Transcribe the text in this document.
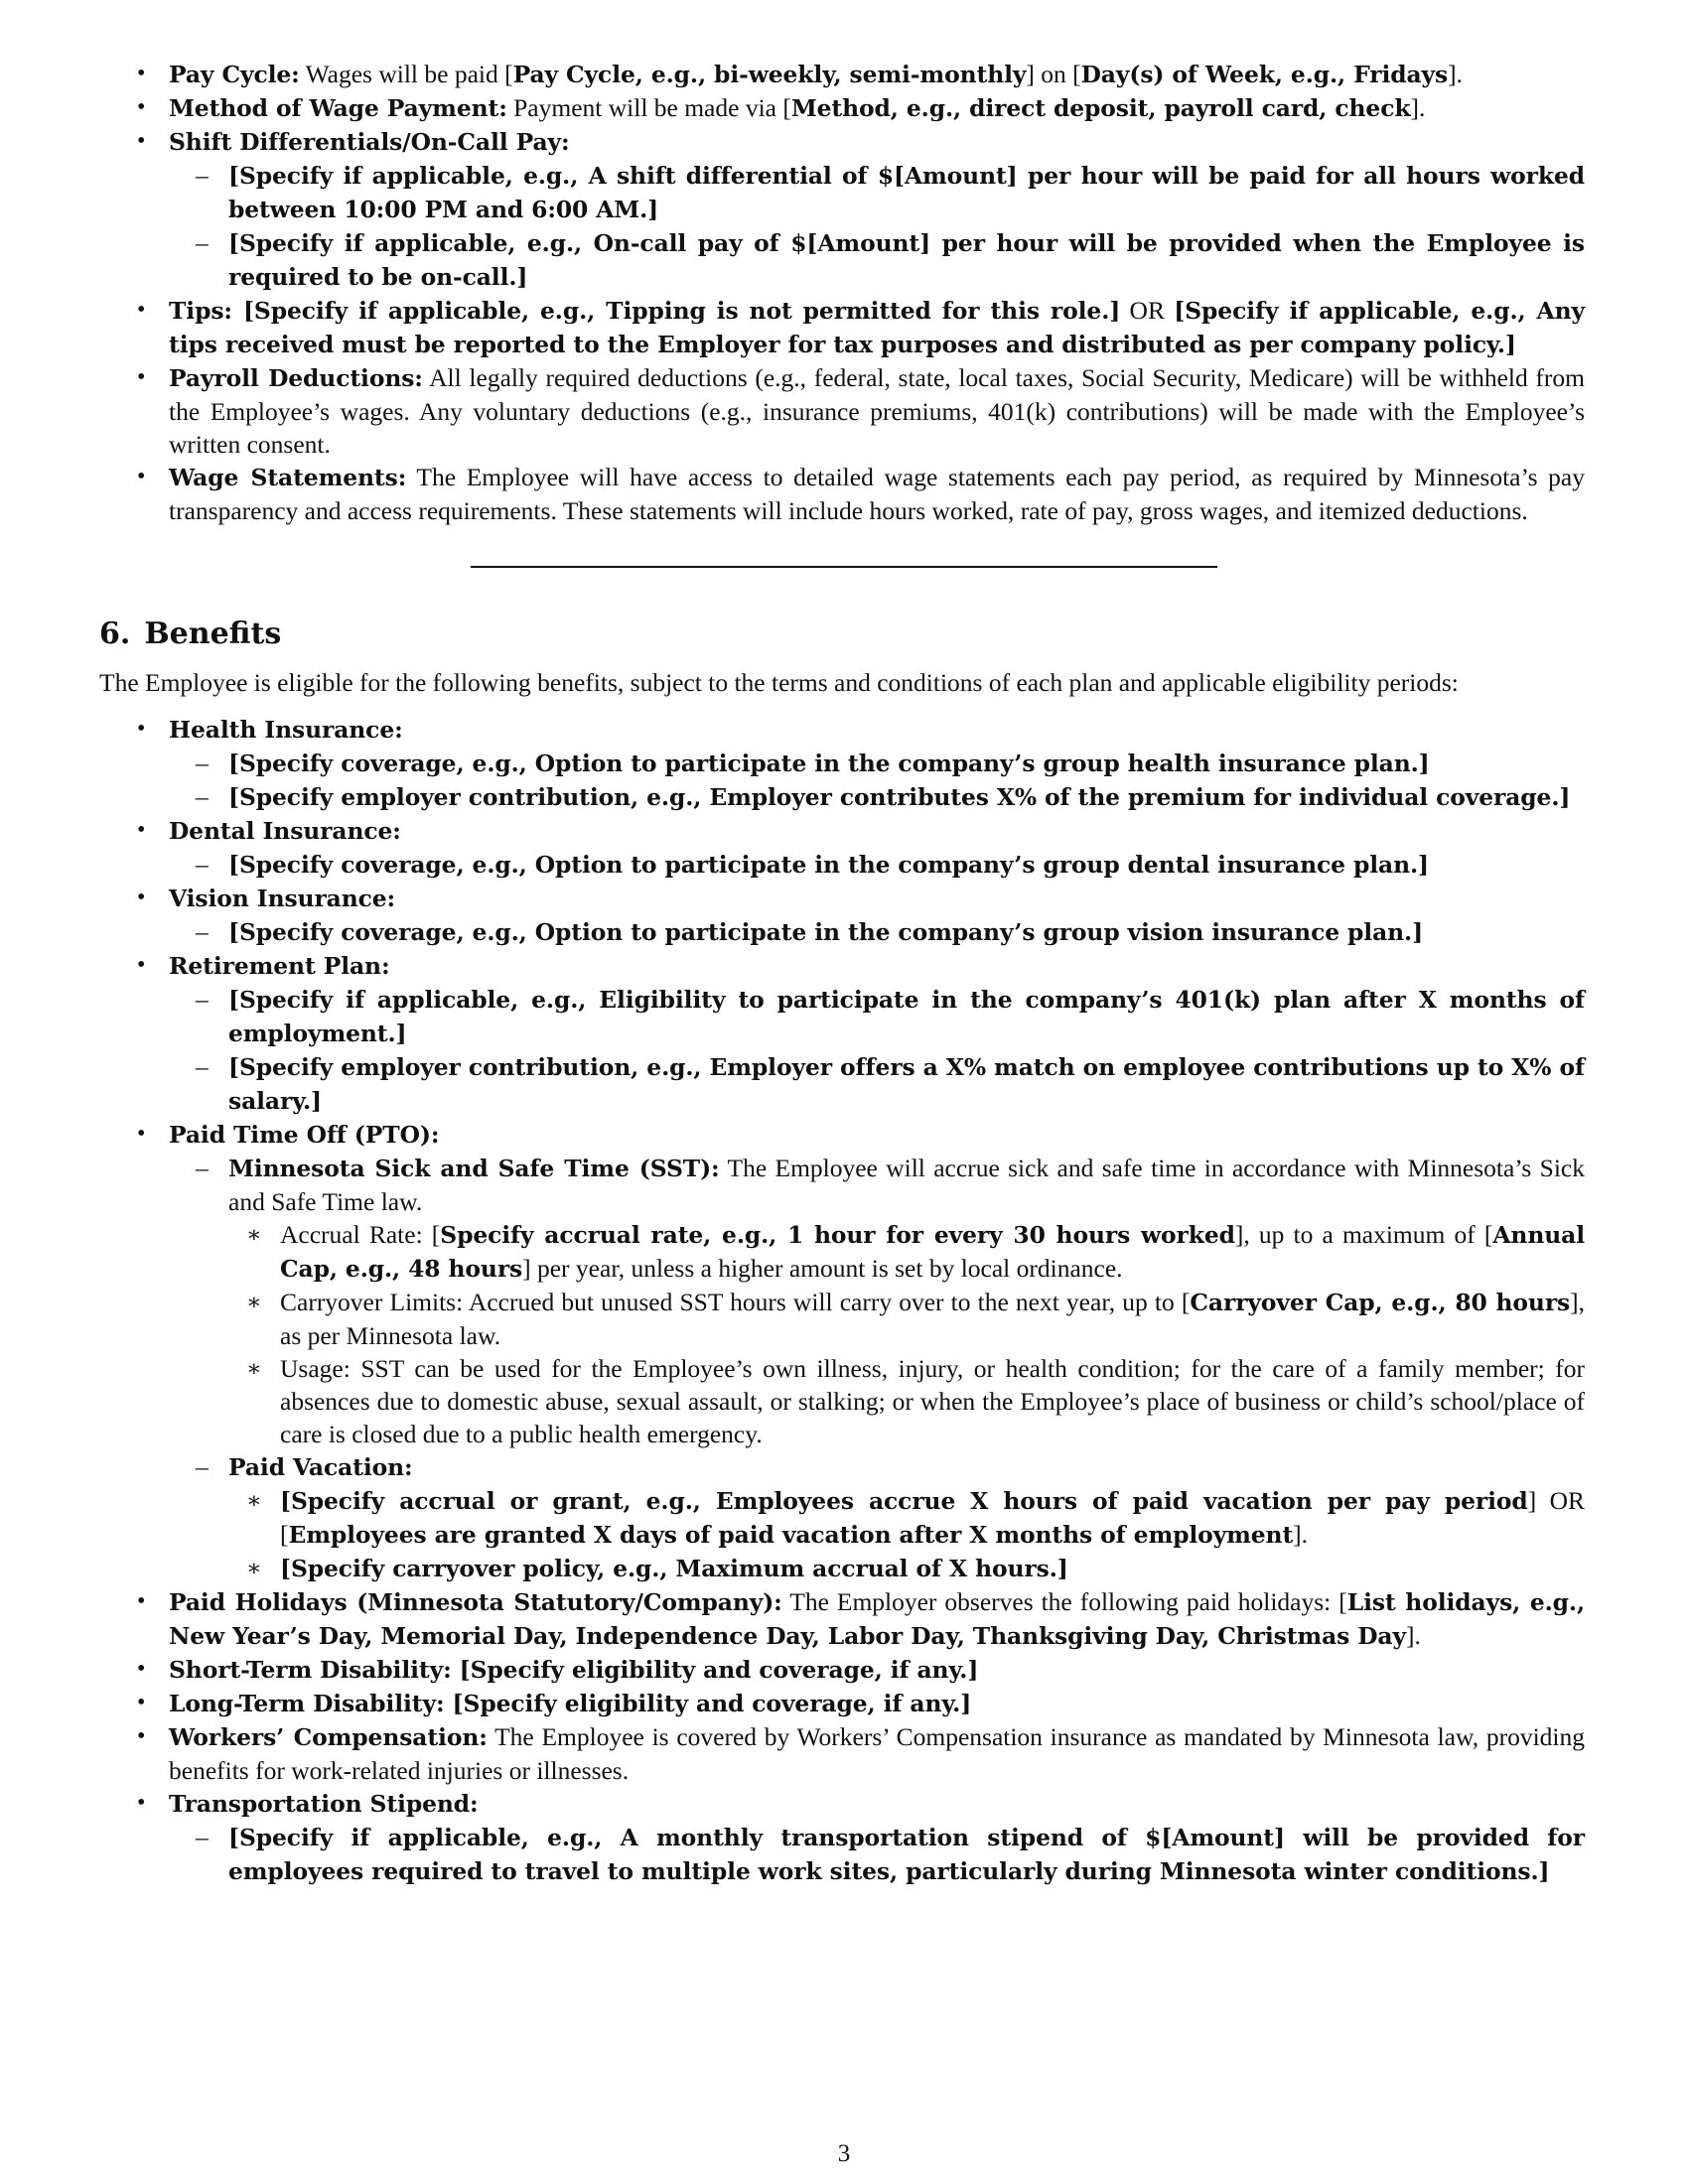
• Pay Cycle: Wages will be paid [Pay Cycle, e.g., bi-weekly, semi-monthly] on [Day(s) of Week, e.g., Fridays].
• Method of Wage Payment: Payment will be made via [Method, e.g., direct deposit, payroll card, check].
• Shift Differentials/On-Call Pay:
– [Specify if applicable, e.g., A shift differential of $[Amount] per hour will be paid for all hours worked between 10:00 PM and 6:00 AM.]
– [Specify if applicable, e.g., On-call pay of $[Amount] per hour will be provided when the Employee is required to be on-call.]
• Tips: [Specify if applicable, e.g., Tipping is not permitted for this role.] OR [Specify if applicable, e.g., Any tips received must be reported to the Employer for tax purposes and distributed as per company policy.]
• Payroll Deductions: All legally required deductions (e.g., federal, state, local taxes, Social Security, Medicare) will be withheld from the Employee’s wages. Any voluntary deductions (e.g., insurance premiums, 401(k) contributions) will be made with the Employee’s written consent.
• Wage Statements: The Employee will have access to detailed wage statements each pay period, as required by Minnesota’s pay transparency and access requirements. These statements will include hours worked, rate of pay, gross wages, and itemized deductions.
6. Benefits
The Employee is eligible for the following benefits, subject to the terms and conditions of each plan and applicable eligibility periods:
• Health Insurance:
– [Specify coverage, e.g., Option to participate in the company’s group health insurance plan.]
– [Specify employer contribution, e.g., Employer contributes X% of the premium for individual coverage.]
• Dental Insurance:
– [Specify coverage, e.g., Option to participate in the company’s group dental insurance plan.]
• Vision Insurance:
– [Specify coverage, e.g., Option to participate in the company’s group vision insurance plan.]
• Retirement Plan:
– [Specify if applicable, e.g., Eligibility to participate in the company’s 401(k) plan after X months of employment.]
– [Specify employer contribution, e.g., Employer offers a X% match on employee contributions up to X% of salary.]
• Paid Time Off (PTO):
– Minnesota Sick and Safe Time (SST): The Employee will accrue sick and safe time in accordance with Minnesota’s Sick and Safe Time law.
∗ Accrual Rate: [Specify accrual rate, e.g., 1 hour for every 30 hours worked], up to a maximum of [Annual Cap, e.g., 48 hours] per year, unless a higher amount is set by local ordinance.
∗ Carryover Limits: Accrued but unused SST hours will carry over to the next year, up to [Carryover Cap, e.g., 80 hours], as per Minnesota law.
∗ Usage: SST can be used for the Employee’s own illness, injury, or health condition; for the care of a family member; for absences due to domestic abuse, sexual assault, or stalking; or when the Employee’s place of business or child’s school/place of care is closed due to a public health emergency.
– Paid Vacation:
∗ [Specify accrual or grant, e.g., Employees accrue X hours of paid vacation per pay period] OR [Employees are granted X days of paid vacation after X months of employment].
∗ [Specify carryover policy, e.g., Maximum accrual of X hours.]
• Paid Holidays (Minnesota Statutory/Company): The Employer observes the following paid holidays: [List holidays, e.g., New Year’s Day, Memorial Day, Independence Day, Labor Day, Thanksgiving Day, Christmas Day].
• Short-Term Disability: [Specify eligibility and coverage, if any.]
• Long-Term Disability: [Specify eligibility and coverage, if any.]
• Workers’ Compensation: The Employee is covered by Workers’ Compensation insurance as mandated by Minnesota law, providing benefits for work-related injuries or illnesses.
• Transportation Stipend:
– [Specify if applicable, e.g., A monthly transportation stipend of $[Amount] will be provided for employees required to travel to multiple work sites, particularly during Minnesota winter conditions.]
3
